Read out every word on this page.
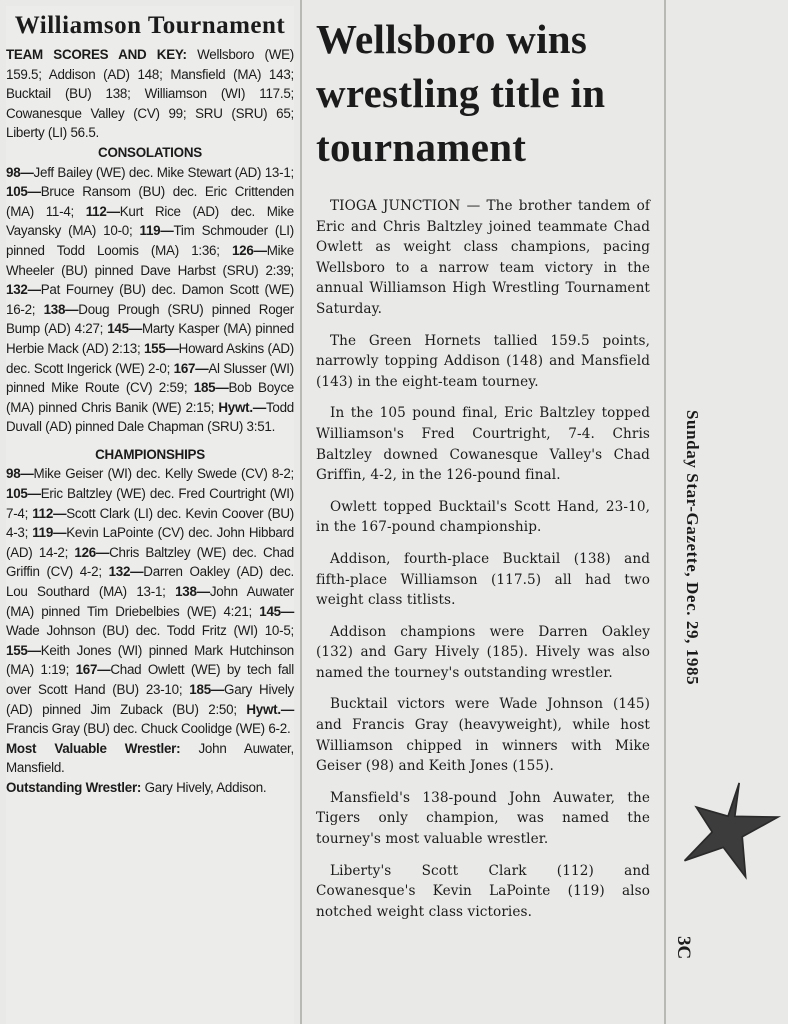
Williamson Tournament

TEAM SCORES AND KEY: Wellsboro (WE) 159.5; Addison (AD) 148; Mansfield (MA) 143; Bucktail (BU) 138; Williamson (WI) 117.5; Cowanesque Valley (CV) 99; SRU (SRU) 65; Liberty (LI) 56.5.

CONSOLATIONS

98—Jeff Bailey (WE) dec. Mike Stewart (AD) 13-1; 105—Bruce Ransom (BU) dec. Eric Crittenden (MA) 11-4; 112—Kurt Rice (AD) dec. Mike Vayansky (MA) 10-0; 119—Tim Schmouder (LI) pinned Todd Loomis (MA) 1:36; 126—Mike Wheeler (BU) pinned Dave Harbst (SRU) 2:39; 132—Pat Fourney (BU) dec. Damon Scott (WE) 16-2; 138—Doug Prough (SRU) pinned Roger Bump (AD) 4:27; 145—Marty Kasper (MA) pinned Herbie Mack (AD) 2:13; 155—Howard Askins (AD) dec. Scott Ingerick (WE) 2-0; 167—Al Slusser (WI) pinned Mike Route (CV) 2:59; 185—Bob Boyce (MA) pinned Chris Banik (WE) 2:15; Hywt.—Todd Duvall (AD) pinned Dale Chapman (SRU) 3:51.

CHAMPIONSHIPS

98—Mike Geiser (WI) dec. Kelly Swede (CV) 8-2; 105—Eric Baltzley (WE) dec. Fred Courtright (WI) 7-4; 112—Scott Clark (LI) dec. Kevin Coover (BU) 4-3; 119—Kevin LaPointe (CV) dec. John Hibbard (AD) 14-2; 126—Chris Baltzley (WE) dec. Chad Griffin (CV) 4-2; 132—Darren Oakley (AD) dec. Lou Southard (MA) 13-1; 138—John Auwater (MA) pinned Tim Driebelbies (WE) 4:21; 145—Wade Johnson (BU) dec. Todd Fritz (WI) 10-5; 155—Keith Jones (WI) pinned Mark Hutchinson (MA) 1:19; 167—Chad Owlett (WE) by tech fall over Scott Hand (BU) 23-10; 185—Gary Hively (AD) pinned Jim Zuback (BU) 2:50; Hywt.—Francis Gray (BU) dec. Chuck Coolidge (WE) 6-2.

Most Valuable Wrestler: John Auwater, Mansfield.

Outstanding Wrestler: Gary Hively, Addison.

Wellsboro wins wrestling title in tournament

TIOGA JUNCTION — The brother tandem of Eric and Chris Baltzley joined teammate Chad Owlett as weight class champions, pacing Wellsboro to a narrow team victory in the annual Williamson High Wrestling Tournament Saturday.

The Green Hornets tallied 159.5 points, narrowly topping Addison (148) and Mansfield (143) in the eight-team tourney.

In the 105 pound final, Eric Baltzley topped Williamson's Fred Courtright, 7-4. Chris Baltzley downed Cowanesque Valley's Chad Griffin, 4-2, in the 126-pound final.

Owlett topped Bucktail's Scott Hand, 23-10, in the 167-pound championship.

Addison, fourth-place Bucktail (138) and fifth-place Williamson (117.5) all had two weight class titlists.

Addison champions were Darren Oakley (132) and Gary Hively (185). Hively was also named the tourney's outstanding wrestler.

Bucktail victors were Wade Johnson (145) and Francis Gray (heavyweight), while host Williamson chipped in winners with Mike Geiser (98) and Keith Jones (155).

Mansfield's 138-pound John Auwater, the Tigers only champion, was named the tourney's most valuable wrestler.

Liberty's Scott Clark (112) and Cowanesque's Kevin LaPointe (119) also notched weight class victories.

Sunday Star-Gazette, Dec. 29, 1985
3C
